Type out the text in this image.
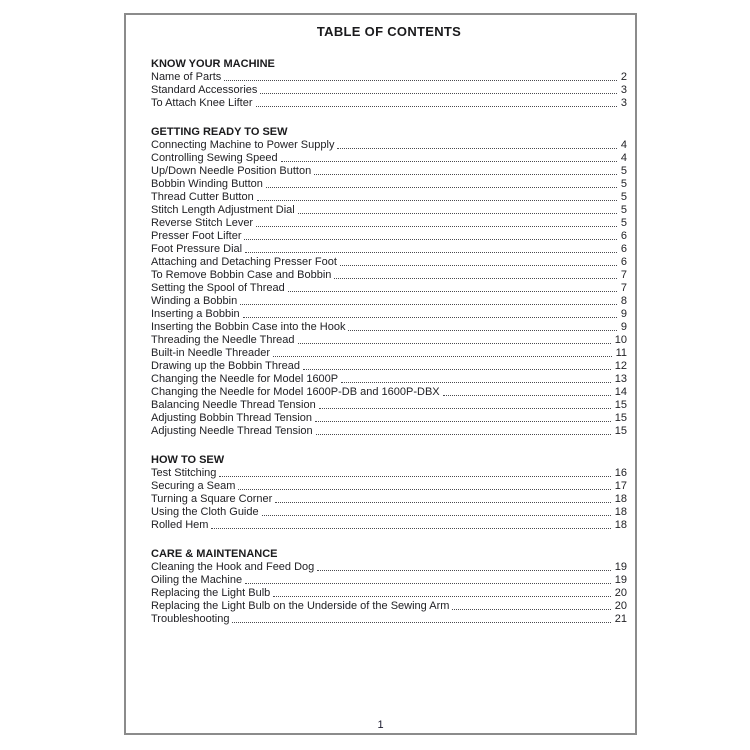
TABLE OF CONTENTS
KNOW YOUR MACHINE
Name of Parts	2
Standard Accessories	3
To Attach Knee Lifter	3
GETTING READY TO SEW
Connecting Machine to Power Supply	4
Controlling Sewing Speed	4
Up/Down Needle Position Button	5
Bobbin Winding Button	5
Thread Cutter Button	5
Stitch Length Adjustment Dial	5
Reverse Stitch Lever	5
Presser Foot Lifter	6
Foot Pressure Dial	6
Attaching and Detaching Presser Foot	6
To Remove Bobbin Case and Bobbin	7
Setting the Spool of Thread	7
Winding a Bobbin	8
Inserting a Bobbin	9
Inserting the Bobbin Case into the Hook	9
Threading the Needle Thread	10
Built-in Needle Threader	11
Drawing up the Bobbin Thread	12
Changing the Needle for Model 1600P	13
Changing the Needle for Model 1600P-DB and 1600P-DBX	14
Balancing Needle Thread Tension	15
Adjusting Bobbin Thread Tension	15
Adjusting Needle Thread Tension	15
HOW TO SEW
Test Stitching	16
Securing a Seam	17
Turning a Square Corner	18
Using the Cloth Guide	18
Rolled Hem	18
CARE & MAINTENANCE
Cleaning the Hook and Feed Dog	19
Oiling the Machine	19
Replacing the Light Bulb	20
Replacing the Light Bulb on the Underside of the Sewing Arm	20
Troubleshooting	21
1
